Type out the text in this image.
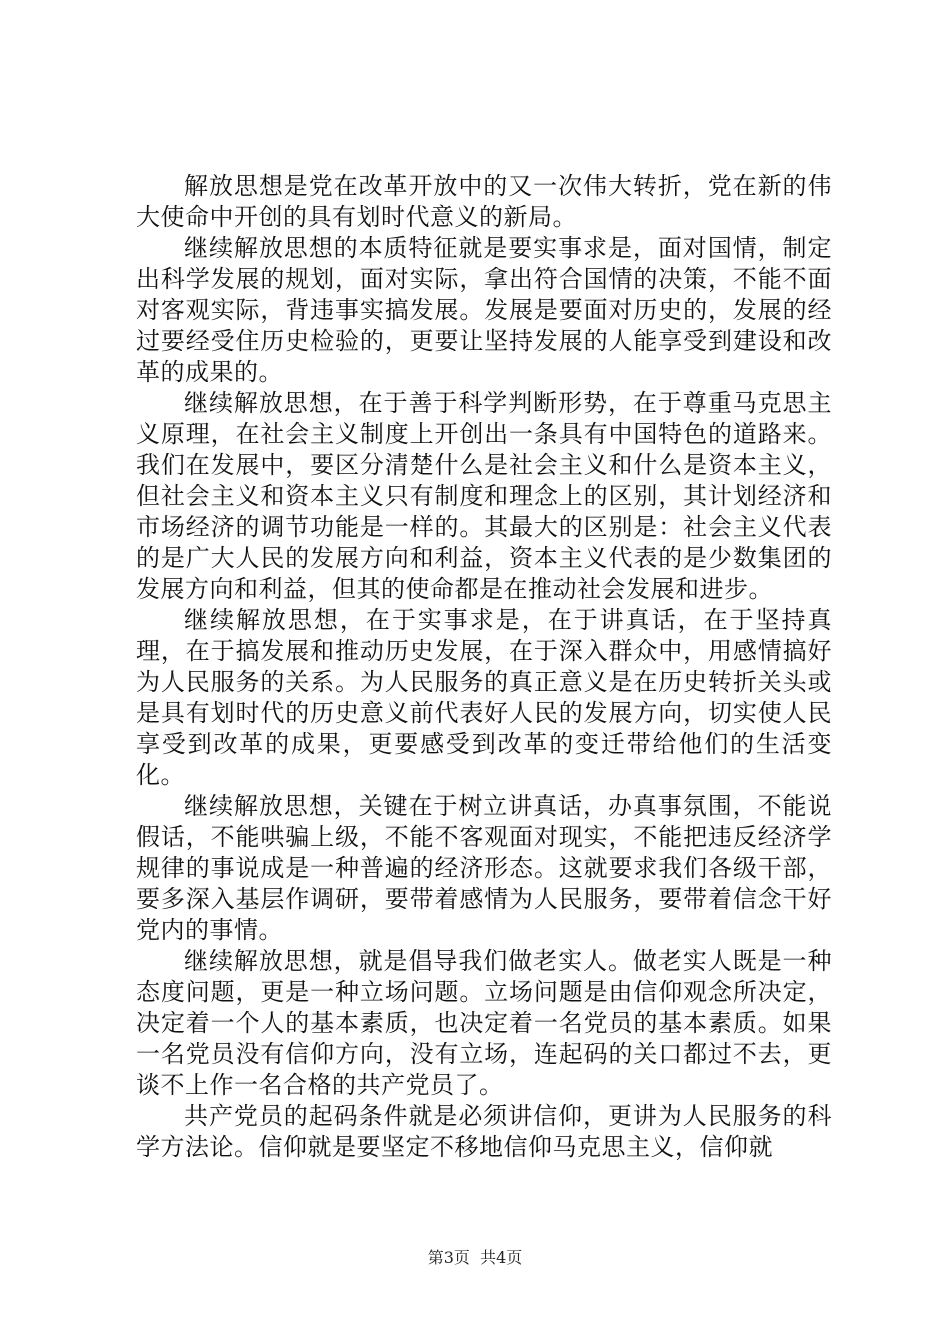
解放思想是党在改革开放中的又一次伟大转折，党在新的伟大使命中开创的具有划时代意义的新局。

继续解放思想的本质特征就是要实事求是，面对国情，制定出科学发展的规划，面对实际，拿出符合国情的决策，不能不面对客观实际，背违事实搞发展。发展是要面对历史的，发展的经过要经受住历史检验的，更要让坚持发展的人能享受到建设和改革的成果的。

继续解放思想，在于善于科学判断形势，在于尊重马克思主义原理，在社会主义制度上开创出一条具有中国特色的道路来。我们在发展中，要区分清楚什么是社会主义和什么是资本主义，但社会主义和资本主义只有制度和理念上的区别，其计划经济和市场经济的调节功能是一样的。其最大的区别是：社会主义代表的是广大人民的发展方向和利益，资本主义代表的是少数集团的发展方向和利益，但其的使命都是在推动社会发展和进步。

继续解放思想，在于实事求是，在于讲真话，在于坚持真理，在于搞发展和推动历史发展，在于深入群众中，用感情搞好为人民服务的关系。为人民服务的真正意义是在历史转折关头或是具有划时代的历史意义前代表好人民的发展方向，切实使人民享受到改革的成果，更要感受到改革的变迁带给他们的生活变化。

继续解放思想，关键在于树立讲真话，办真事氛围，不能说假话，不能哄骗上级，不能不客观面对现实，不能把违反经济学规律的事说成是一种普遍的经济形态。这就要求我们各级干部，要多深入基层作调研，要带着感情为人民服务，要带着信念干好党内的事情。

继续解放思想，就是倡导我们做老实人。做老实人既是一种态度问题，更是一种立场问题。立场问题是由信仰观念所决定，决定着一个人的基本素质，也决定着一名党员的基本素质。如果一名党员没有信仰方向，没有立场，连起码的关口都过不去，更谈不上作一名合格的共产党员了。

共产党员的起码条件就是必须讲信仰，更讲为人民服务的科学方法论。信仰就是要坚定不移地信仰马克思主义，信仰就

第3页 共4页
